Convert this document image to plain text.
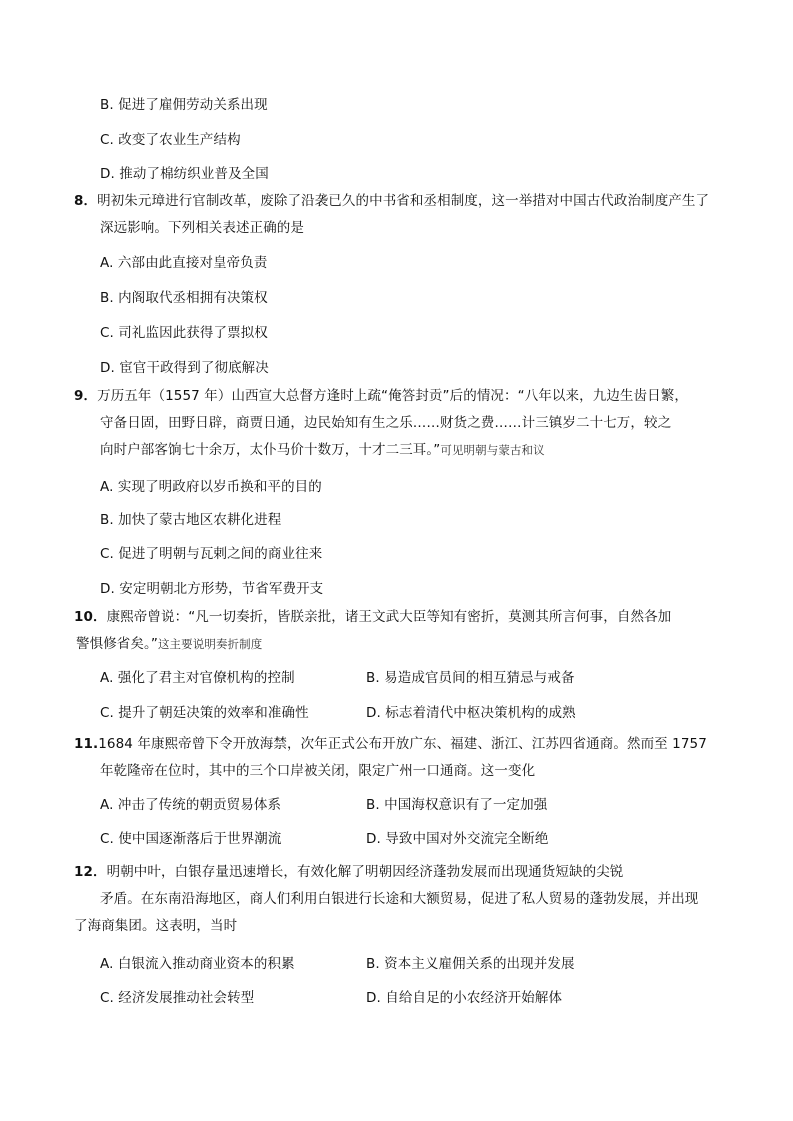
B. 促进了雇佣劳动关系出现
C. 改变了农业生产结构
D. 推动了棉纺织业普及全国
8．明初朱元璋进行官制改革，废除了沿袭已久的中书省和丞相制度，这一举措对中国古代政治制度产生了
深远影响。下列相关表述正确的是
A. 六部由此直接对皇帝负责
B. 内阁取代丞相拥有决策权
C. 司礼监因此获得了票拟权
D. 宦官干政得到了彻底解决
9．万历五年（1557 年）山西宣大总督方逢时上疏“俺答封贡”后的情况：“八年以来，九边生齿日繁，
守备日固，田野日辟，商贾日通，边民始知有生之乐……财货之费……计三镇岁二十七万，较之
向时户部客饷七十余万，太仆马价十数万，十才二三耳。”可见明朝与蒙古和议
A. 实现了明政府以岁币换和平的目的
B. 加快了蒙古地区农耕化进程
C. 促进了明朝与瓦剌之间的商业往来
D. 安定明朝北方形势，节省军费开支
10．康熙帝曾说：“凡一切奏折，皆朕亲批，诸王文武大臣等知有密折，莫测其所言何事，自然各加
警惧修省矣。”这主要说明奏折制度
A. 强化了君主对官僚机构的控制	B. 易造成官员间的相互猜忌与戒备
C. 提升了朝廷决策的效率和准确性	D. 标志着清代中枢决策机构的成熟
11.1684 年康熙帝曾下令开放海禁，次年正式公布开放广东、福建、浙江、江苏四省通商。然而至 1757
年乾隆帝在位时，其中的三个口岸被关闭，限定广州一口通商。这一变化
A. 冲击了传统的朝贡贸易体系	B. 中国海权意识有了一定加强
C. 使中国逐渐落后于世界潮流	D. 导致中国对外交流完全断绝
12．明朝中叶，白银存量迅速增长，有效化解了明朝因经济蓬勃发展而出现通货短缺的尖锐
矛盾。在东南沿海地区，商人们利用白银进行长途和大额贸易，促进了私人贸易的蓬勃发展，并出现
了海商集团。这表明，当时
A. 白银流入推动商业资本的积累	B. 资本主义雇佣关系的出现并发展
C. 经济发展推动社会转型	D. 自给自足的小农经济开始解体
